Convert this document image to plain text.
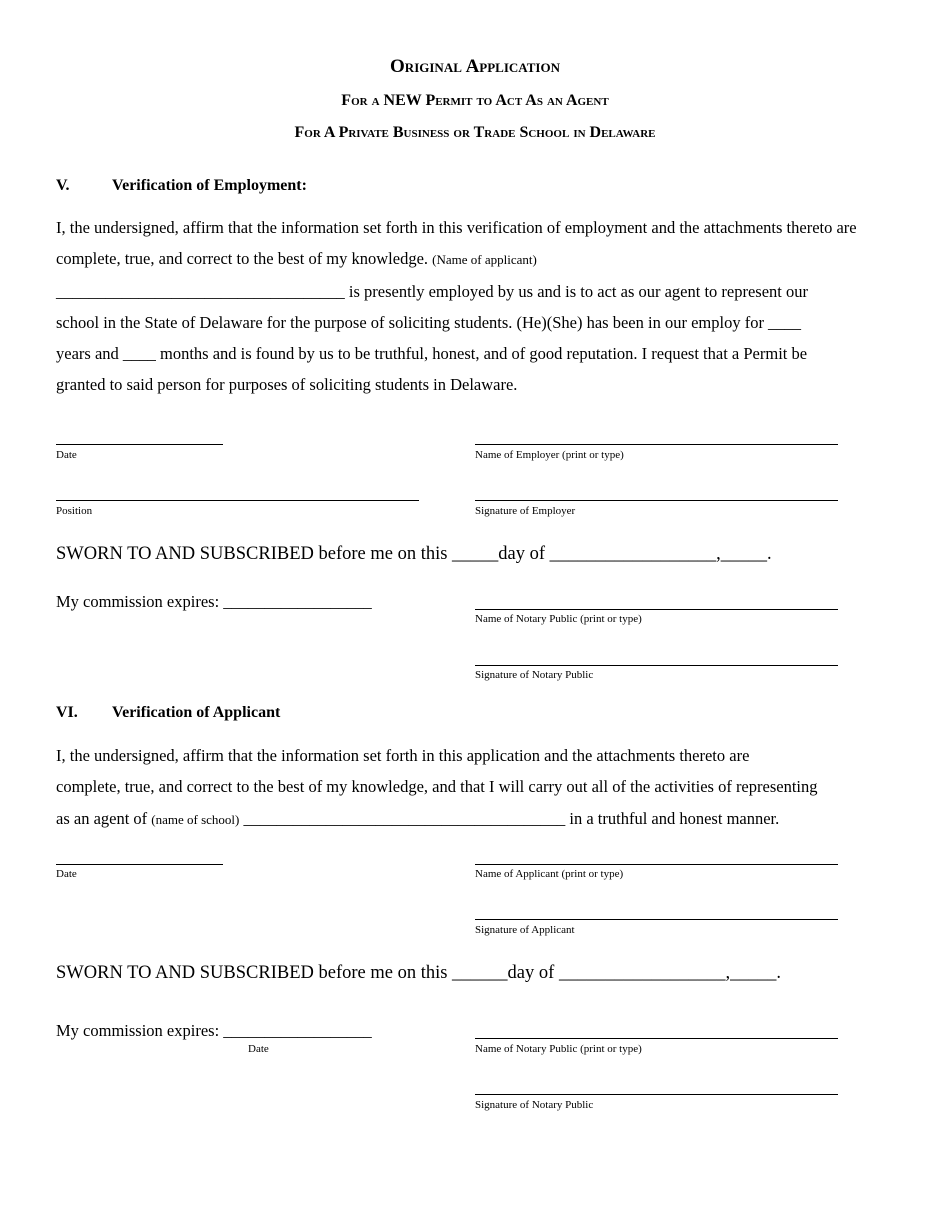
Original Application
For a NEW Permit to Act As an Agent
For A Private Business or Trade School in Delaware
V.	Verification of Employment:
I, the undersigned, affirm that the information set forth in this verification of employment and the attachments thereto are complete, true, and correct to the best of my knowledge. (Name of applicant)
___________________________________ is presently employed by us and is to act as our agent to represent our
school in the State of Delaware for the purpose of soliciting students. (He)(She) has been in our employ for ____
years and ____ months and is found by us to be truthful, honest, and of good reputation. I request that a Permit be
granted to said person for purposes of soliciting students in Delaware.
Date	Name of Employer (print or type)
Position	Signature of Employer
SWORN TO AND SUBSCRIBED before me on this _____day of __________________,_____.
My commission expires: __________________
Name of Notary Public (print or type)
Signature of Notary Public
VI. Verification of Applicant
I, the undersigned, affirm that the information set forth in this application and the attachments thereto are
complete, true, and correct to the best of my knowledge, and that I will carry out all of the activities of representing
as an agent of (name of school) _______________________________________ in a truthful and honest manner.
Date	Name of Applicant (print or type)
Signature of Applicant
SWORN TO AND SUBSCRIBED before me on this ______day of __________________,_____.
My commission expires: __________________
Date	Name of Notary Public (print or type)
Signature of Notary Public
